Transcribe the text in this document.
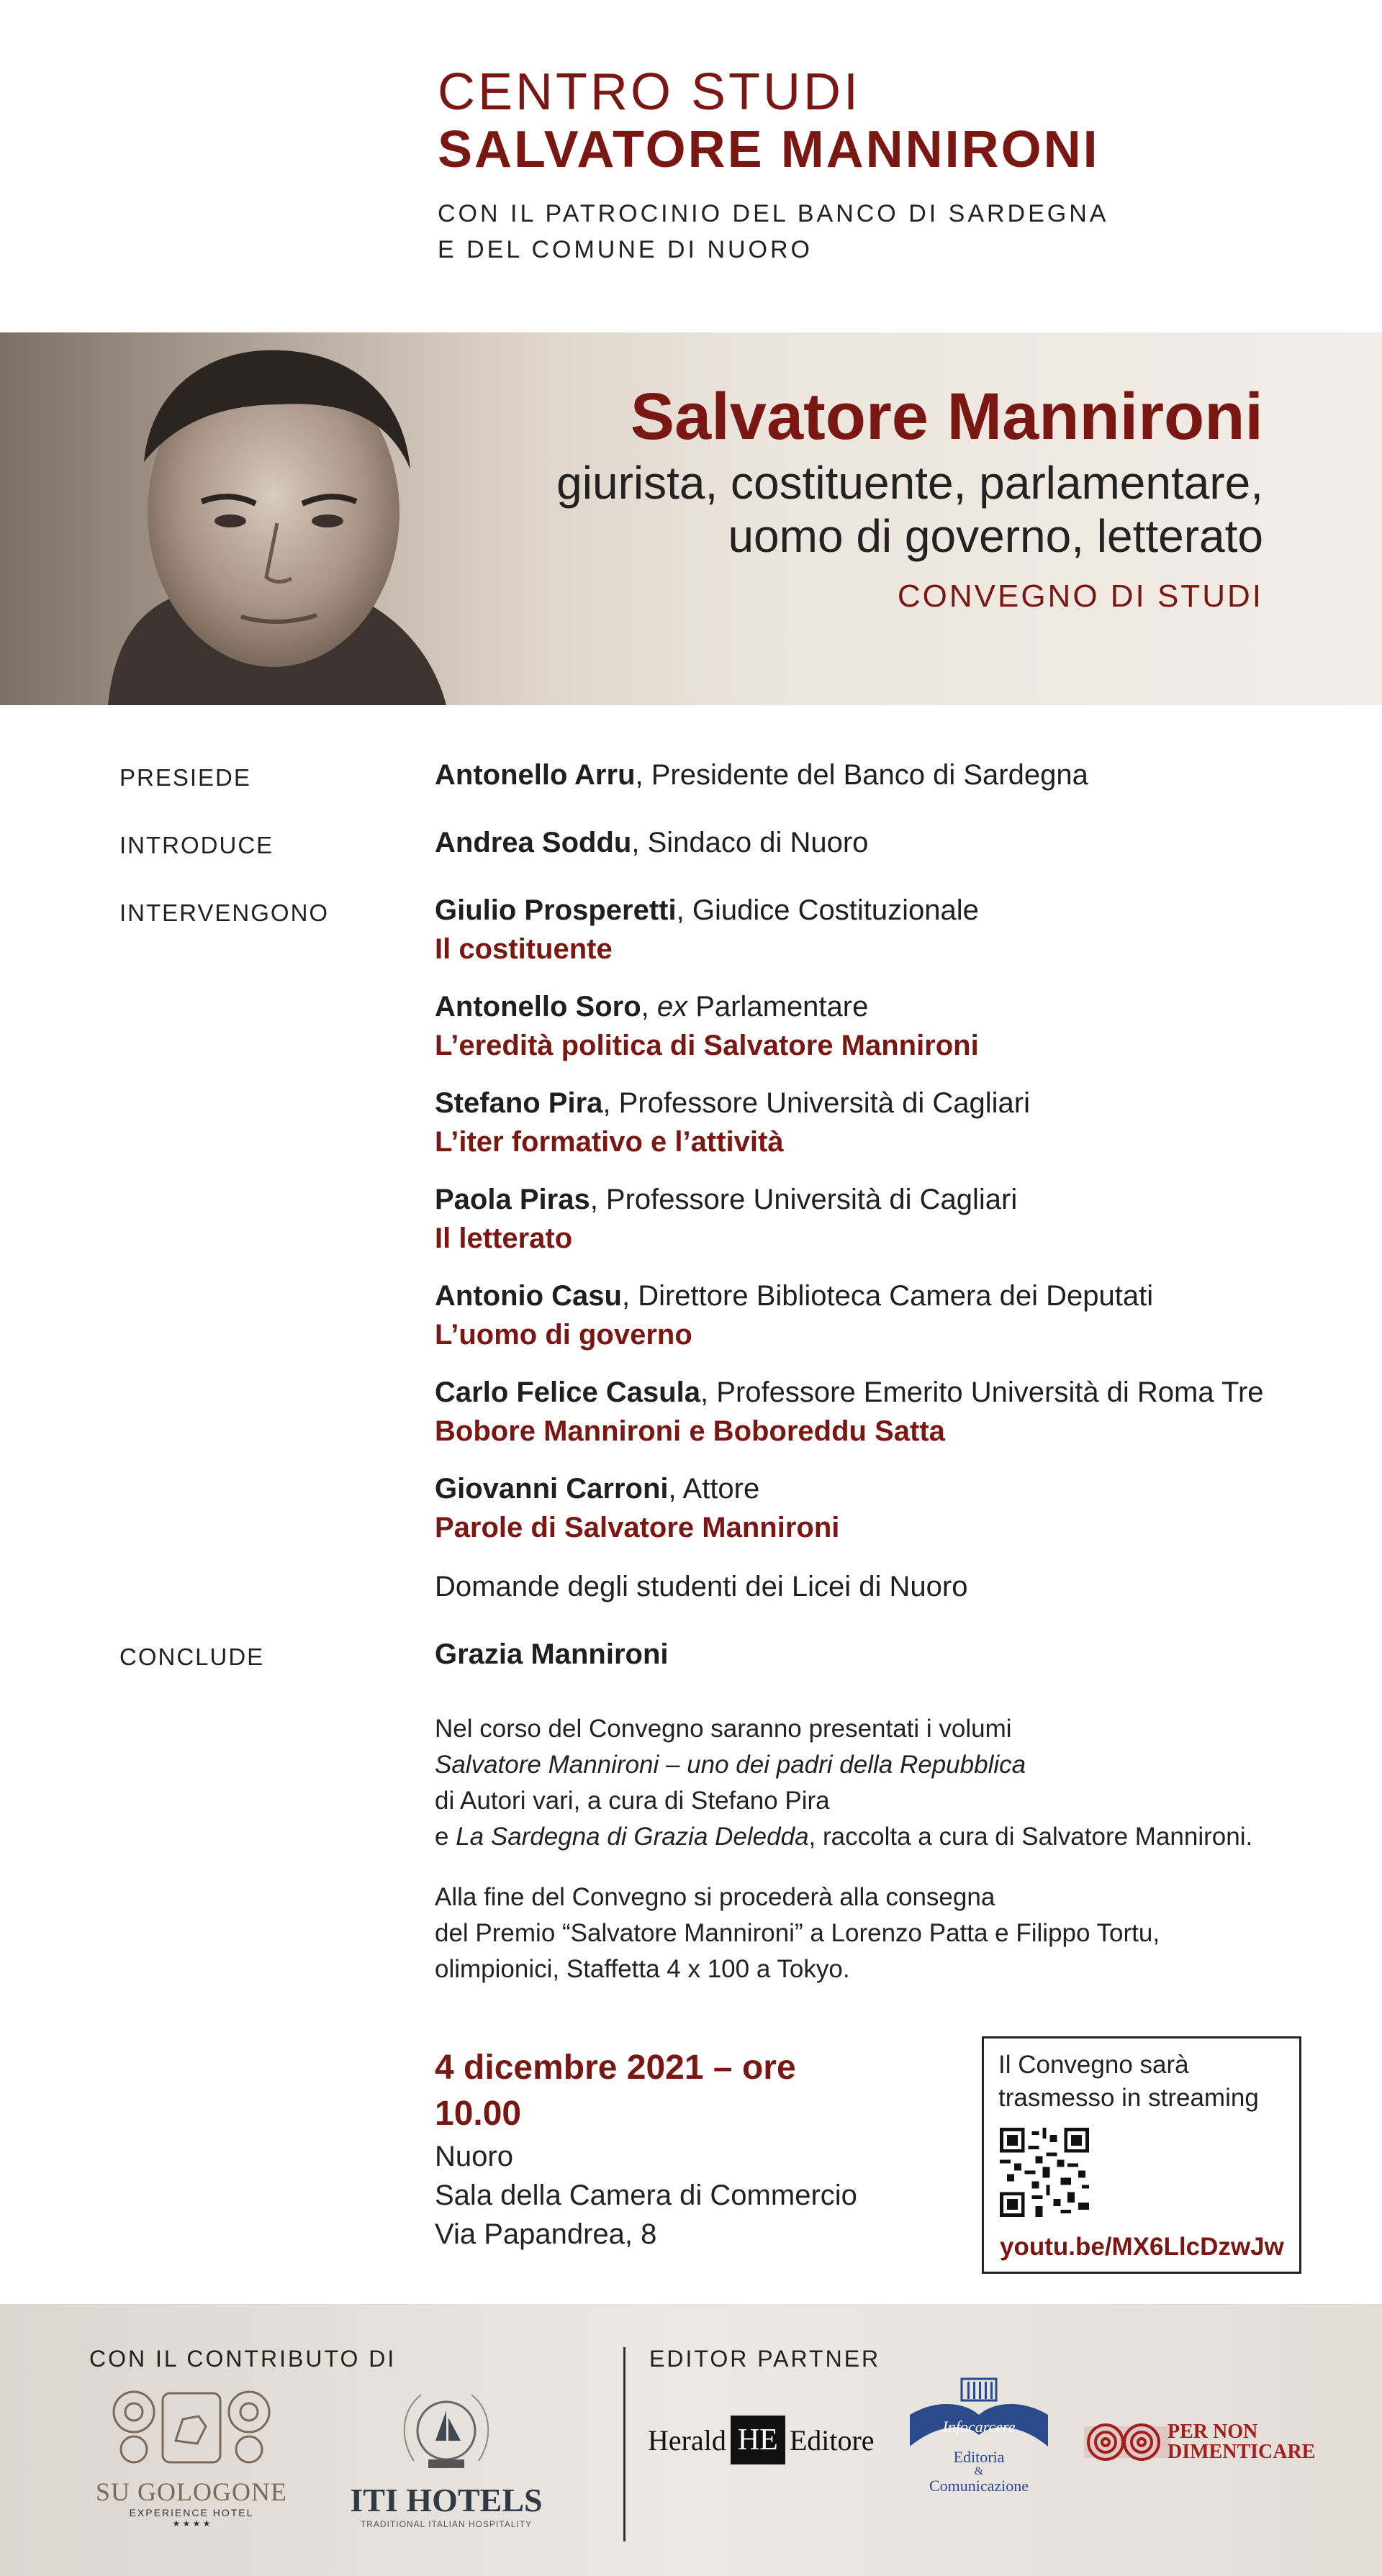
CENTRO STUDI
SALVATORE MANNIRONI
CON IL PATROCINIO DEL BANCO DI SARDEGNA
E DEL COMUNE DI NUORO
Salvatore Mannironi
giurista, costituente, parlamentare,
uomo di governo, letterato
CONVEGNO DI STUDI
PRESIEDE	Antonello Arru, Presidente del Banco di Sardegna
INTRODUCE	Andrea Soddu, Sindaco di Nuoro
INTERVENGONO	Giulio Prosperetti, Giudice Costituzionale
Il costituente
Antonello Soro, ex Parlamentare
L’eredità politica di Salvatore Mannironi
Stefano Pira, Professore Università di Cagliari
L’iter formativo e l’attività
Paola Piras, Professore Università di Cagliari
Il letterato
Antonio Casu, Direttore Biblioteca Camera dei Deputati
L’uomo di governo
Carlo Felice Casula, Professore Emerito Università di Roma Tre
Bobore Mannironi e Boboreddu Satta
Giovanni Carroni, Attore
Parole di Salvatore Mannironi
Domande degli studenti dei Licei di Nuoro
CONCLUDE	Grazia Mannironi
Nel corso del Convegno saranno presentati i volumi
Salvatore Mannironi – uno dei padri della Repubblica
di Autori vari, a cura di Stefano Pira
e La Sardegna di Grazia Deledda, raccolta a cura di Salvatore Mannironi.
Alla fine del Convegno si procederà alla consegna
del Premio “Salvatore Mannironi” a Lorenzo Patta e Filippo Tortu,
olimpionici, Staffetta 4 x 100 a Tokyo.
4 dicembre 2021 – ore 10.00
Nuoro
Sala della Camera di Commercio
Via Papandrea, 8
Il Convegno sarà
trasmesso in streaming
youtu.be/MX6LlcDzwJw
CON IL CONTRIBUTO DI	EDITOR PARTNER
SU GOLOGONE
EXPERIENCE HOTEL
★ ★ ★ ★
ITI HOTELS
TRADITIONAL ITALIAN HOSPITALITY
Herald HE Editore	Infocarcere
Editoria
&
Comunicazione
PER NON
DIMENTICARE
